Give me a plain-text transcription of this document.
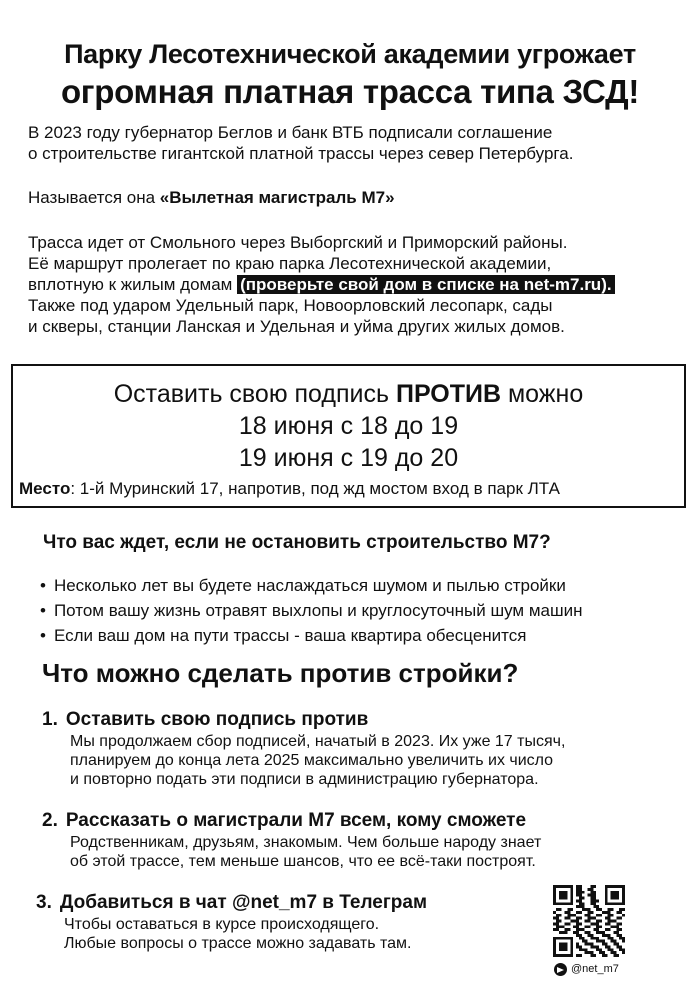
Парку Лесотехнической академии угрожает
огромная платная трасса типа ЗСД!

В 2023 году губернатор Беглов и банк ВТБ подписали соглашение

о строительстве гигантской платной трассы через север Петербурга.

Называется она «Вылетная магистраль М7»

Трасса идет от Смольного через Выборгский и Приморский районы.

Её маршрут пролегает по краю парка Лесотехнической академии,

вплотную к жилым домам (проверьте свой дом в списке на net-m7.ru).

Также под ударом Удельный парк, Новоорловский лесопарк, сады

и скверы, станции Ланская и Удельная и уйма других жилых домов.

Оставить свою подпись ПРОТИВ можно
18 июня с 18 до 19
19 июня с 19 до 20
Место: 1-й Муринский 17, напротив, под жд мостом вход в парк ЛТА
Что вас ждет, если не остановить строительство М7?
• Несколько лет вы будете наслаждаться шумом и пылью стройки
• Потом вашу жизнь отравят выхлопы и круглосуточный шум машин
• Если ваш дом на пути трассы - ваша квартира обесценится
Что можно сделать против стройки?
1. Оставить свою подпись против

Мы продолжаем сбор подписей, начатый в 2023. Их уже 17 тысяч,

планируем до конца лета 2025 максимально увеличить их число

и повторно подать эти подписи в администрацию губернатора.

2. Рассказать о магистрали М7 всем, кому сможете

Родственникам, друзьям, знакомым. Чем больше народу знает

об этой трассе, тем меньше шансов, что ее всё-таки построят.

3. Добавиться в чат @net_m7 в Телеграм

Чтобы оставаться в курсе происходящего.

Любые вопросы о трассе можно задавать там.

@net_m7
